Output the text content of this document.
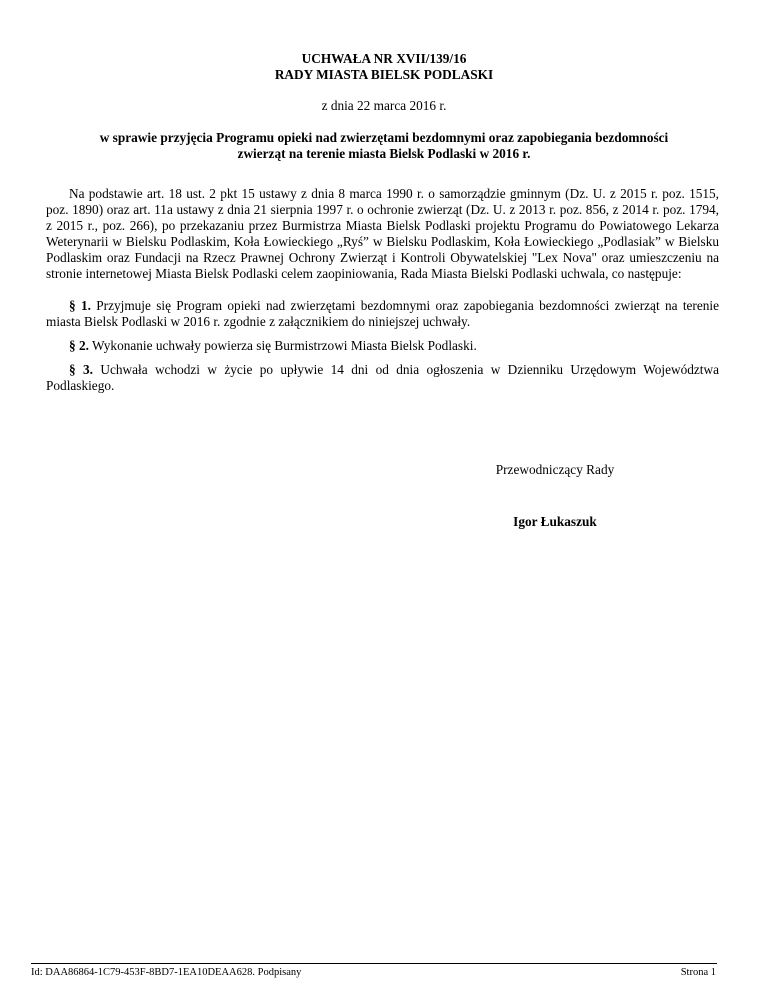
UCHWAŁA NR XVII/139/16
RADY MIASTA BIELSK PODLASKI
z dnia 22 marca 2016 r.
w sprawie przyjęcia Programu opieki nad zwierzętami bezdomnymi oraz zapobiegania bezdomności
zwierząt na terenie miasta Bielsk Podlaski w 2016 r.
Na podstawie art. 18 ust. 2 pkt 15 ustawy z dnia 8 marca 1990 r. o samorządzie gminnym (Dz. U. z 2015 r. poz. 1515, poz. 1890) oraz art. 11a ustawy z dnia 21 sierpnia 1997 r. o ochronie zwierząt (Dz. U. z 2013 r. poz. 856, z 2014 r. poz. 1794, z 2015 r., poz. 266), po przekazaniu przez Burmistrza Miasta Bielsk Podlaski projektu Programu do Powiatowego Lekarza Weterynarii w Bielsku Podlaskim, Koła Łowieckiego „Ryś” w Bielsku Podlaskim, Koła Łowieckiego „Podlasiak” w Bielsku Podlaskim oraz Fundacji na Rzecz Prawnej Ochrony Zwierząt i Kontroli Obywatelskiej "Lex Nova" oraz umieszczeniu na stronie internetowej Miasta Bielsk Podlaski celem zaopiniowania, Rada Miasta Bielski Podlaski uchwala, co następuje:
§ 1. Przyjmuje się Program opieki nad zwierzętami bezdomnymi oraz zapobiegania bezdomności zwierząt na terenie miasta Bielsk Podlaski w 2016 r. zgodnie z załącznikiem do niniejszej uchwały.
§ 2. Wykonanie uchwały powierza się Burmistrzowi Miasta Bielsk Podlaski.
§ 3. Uchwała wchodzi w życie po upływie 14 dni od dnia ogłoszenia w Dzienniku Urzędowym Województwa Podlaskiego.
Przewodniczący Rady
Igor Łukaszuk
Id: DAA86864-1C79-453F-8BD7-1EA10DEAA628. Podpisany	Strona 1
